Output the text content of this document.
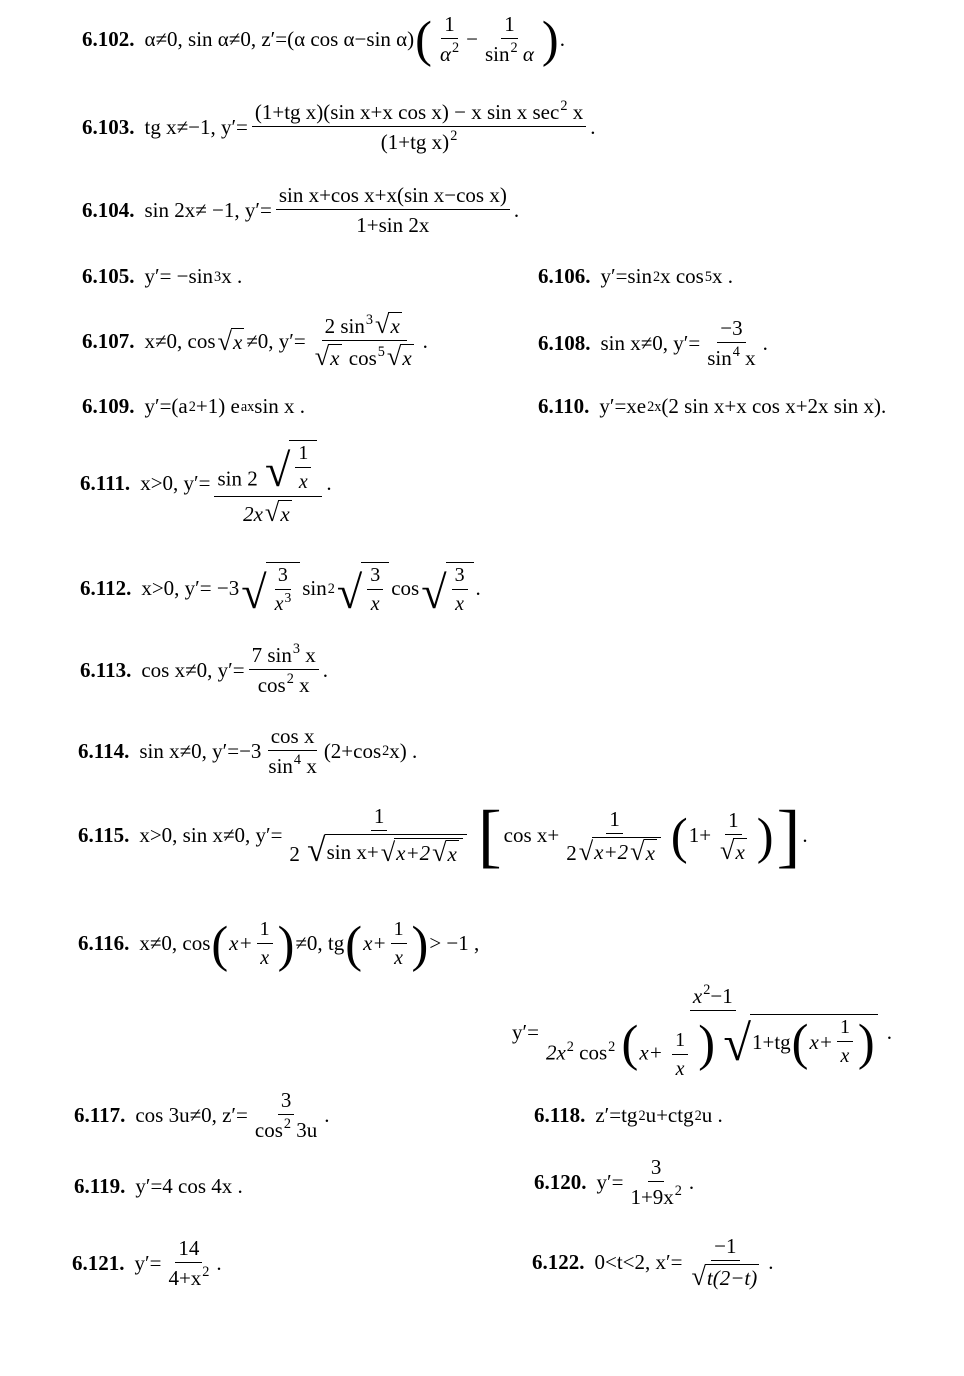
6.102. α≠0, sin α≠0, z′=(α cos α−sin α) ( $\frac{1}{\alpha^2} - \frac{1}{\sin^2 \alpha}$ ) .
6.103. tg x≠−1, $y'= \frac{(1+tg x)(\sin x+x \cos x) - x \sin x \sec^2 x}{(1+tg x)^2}$ .
6.104. sin 2x≠ −1, $y'= \frac{\text{sin x+cos x+x(sin x−cos x)}}{1+\sin 2x}$ .
6.105. y′= −sin 3 x .	6.106. y′=sin 2 x cos 5 x .
6.107. x≠0, cos √ x ≠0, $y'= \frac{2 \sin^3 √ x}{√ x \cos^5 √ x}$ .	6.108. sin x≠0, $y'= \frac{-3}{\sin^4 x}$ .
6.109. y′=(a 2 +1) e ax sin x .	6.110. y′=xe 2x (2 sin x+x cos x+2x sin x).
6.111. x>0, $y'= \frac{\sin 2 √ \frac{1}{x}}{2x √ x}$ .
6.112. x>0, y′= −3 √ $\frac{3}{x^3}$ sin 2 √ $\frac{3}{x}$ cos √ $\frac{3}{x}$ .
6.113. cos x≠0, $y'= \frac{7 \sin^3 x}{\cos^2 x}$ .
6.114. sin x≠0, $y'=-3 \frac{\text{cos x}}{\sin^4 x} (2+\cos$ 2 x) .
6.115. x>0, sin x≠0, $y'= \frac{1}{\text{2 √ sin x+ √ x+2 √ x}}$ [ $\cos x+ \frac{1}{2 √ x+2 √ x}$ ( $1+ \frac{1}{√ x}$ ) ] .
6.116. x≠0, cos ( $x+ \frac{1}{x}$ ) ≠0, tg ( $x+ \frac{1}{x}$ ) > −1 ,
y′=
$x^2-1$
$2x^2$ $\cos^2 (x+ \frac{1}{x}$ ) √ 1+tg ( $x+ \frac{1}{x}$ ) .
6.117. cos 3u≠0, $z'= \frac{3}{\cos^2 3u}$ .	6.118. z′=tg 2 u+ctg 2 u .
6.119. y′=4 cos 4x .	6.120. $y'= \frac{3}{1+9x^2}$ .
6.121. $y'= \frac{14}{4+x^2}$ .	6.122. 0<t<2, $x'= \frac{-1}{√ t(2-t)}$ .
